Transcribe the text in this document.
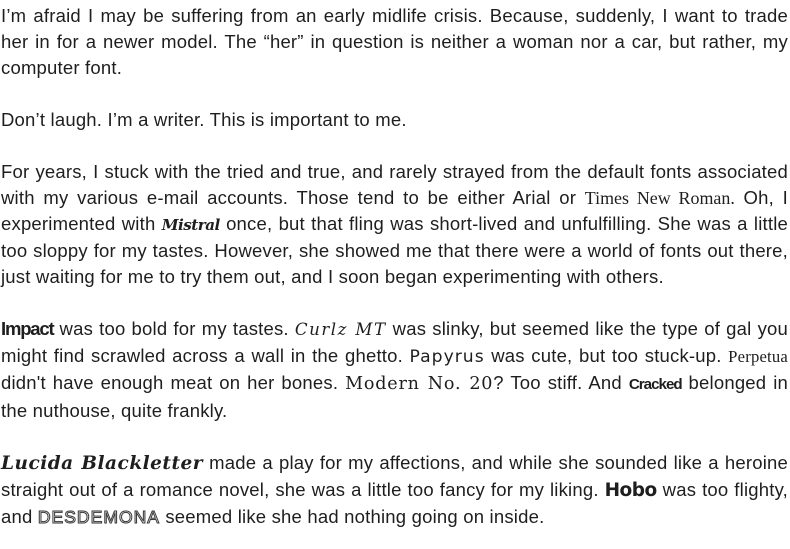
I’m afraid I may be suffering from an early midlife crisis. Because, suddenly, I want to trade her in for a newer model. The “her” in question is neither a woman nor a car, but rather, my computer font.

Don’t laugh. I’m a writer. This is important to me.

For years, I stuck with the tried and true, and rarely strayed from the default fonts associated with my various e-mail accounts. Those tend to be either Arial or Times New Roman. Oh, I experimented with Mistral once, but that fling was short-lived and unfulfilling. She was a little too sloppy for my tastes. However, she showed me that there were a world of fonts out there, just waiting for me to try them out, and I soon began experimenting with others.

Impact was too bold for my tastes. Curlz MT was slinky, but seemed like the type of gal you might find scrawled across a wall in the ghetto. Papyrus was cute, but too stuck-up. Perpetua didn't have enough meat on her bones. Modern No. 20? Too stiff. And Cracked belonged in the nuthouse, quite frankly.

Lucida Blackletter made a play for my affections, and while she sounded like a heroine straight out of a romance novel, she was a little too fancy for my liking. Hobo was too flighty, and DESDEMONA seemed like she had nothing going on inside.
